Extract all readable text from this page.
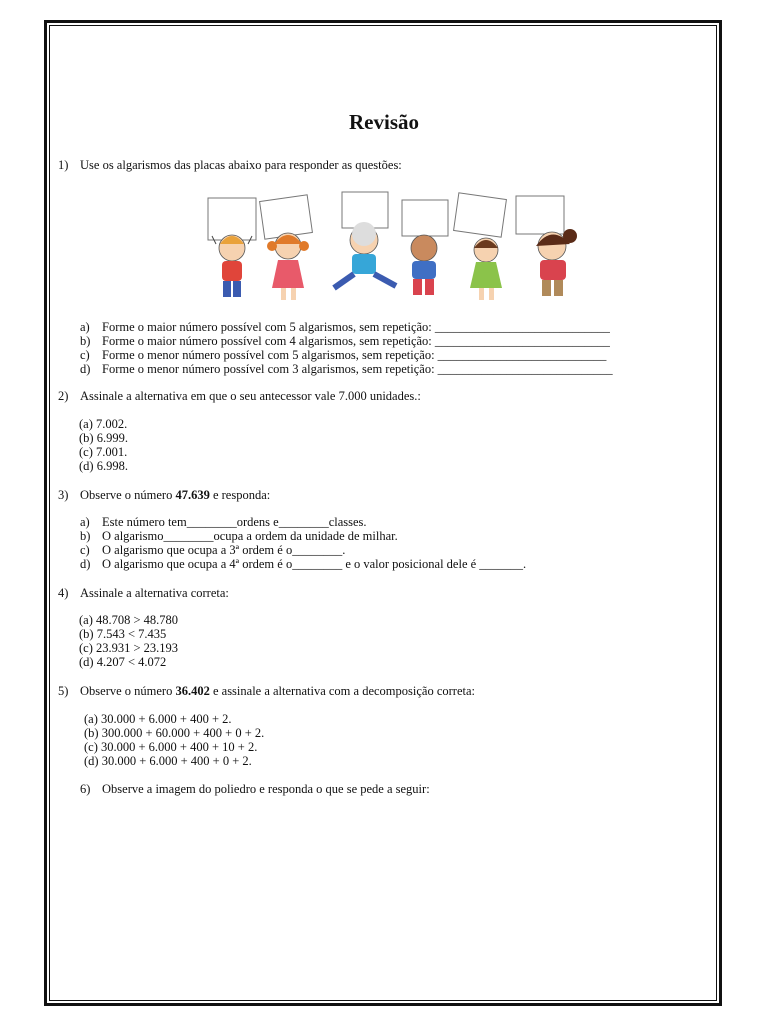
Revisão
1) Use os algarismos das placas abaixo para responder as questões:
a) Forme o maior número possível com 5 algarismos, sem repetição: ____________________________
b) Forme o maior número possível com 4 algarismos, sem repetição: ____________________________
c) Forme o menor número possível com 5 algarismos, sem repetição: ___________________________
d) Forme o menor número possível com 3 algarismos, sem repetição: ____________________________
2) Assinale a alternativa em que o seu antecessor vale 7.000 unidades.:
(a) 7.002.
(b) 6.999.
(c) 7.001.
(d) 6.998.
3) Observe o número 47.639 e responda:
a) Este número tem________ordens e________classes.
b) O algarismo________ocupa a ordem da unidade de milhar.
c) O algarismo que ocupa a 3ª ordem é o________.
d) O algarismo que ocupa a 4ª ordem é o________ e o valor posicional dele é _______.
4) Assinale a alternativa correta:
(a) 48.708 > 48.780
(b) 7.543 < 7.435
(c) 23.931 > 23.193
(d) 4.207 < 4.072
5) Observe o número 36.402 e assinale a alternativa com a decomposição correta:
(a) 30.000 + 6.000 + 400 + 2.
(b) 300.000 + 60.000 + 400 + 0 + 2.
(c) 30.000 + 6.000 + 400 + 10 + 2.
(d) 30.000 + 6.000 + 400 + 0 + 2.
6) Observe a imagem do poliedro e responda o que se pede a seguir:
